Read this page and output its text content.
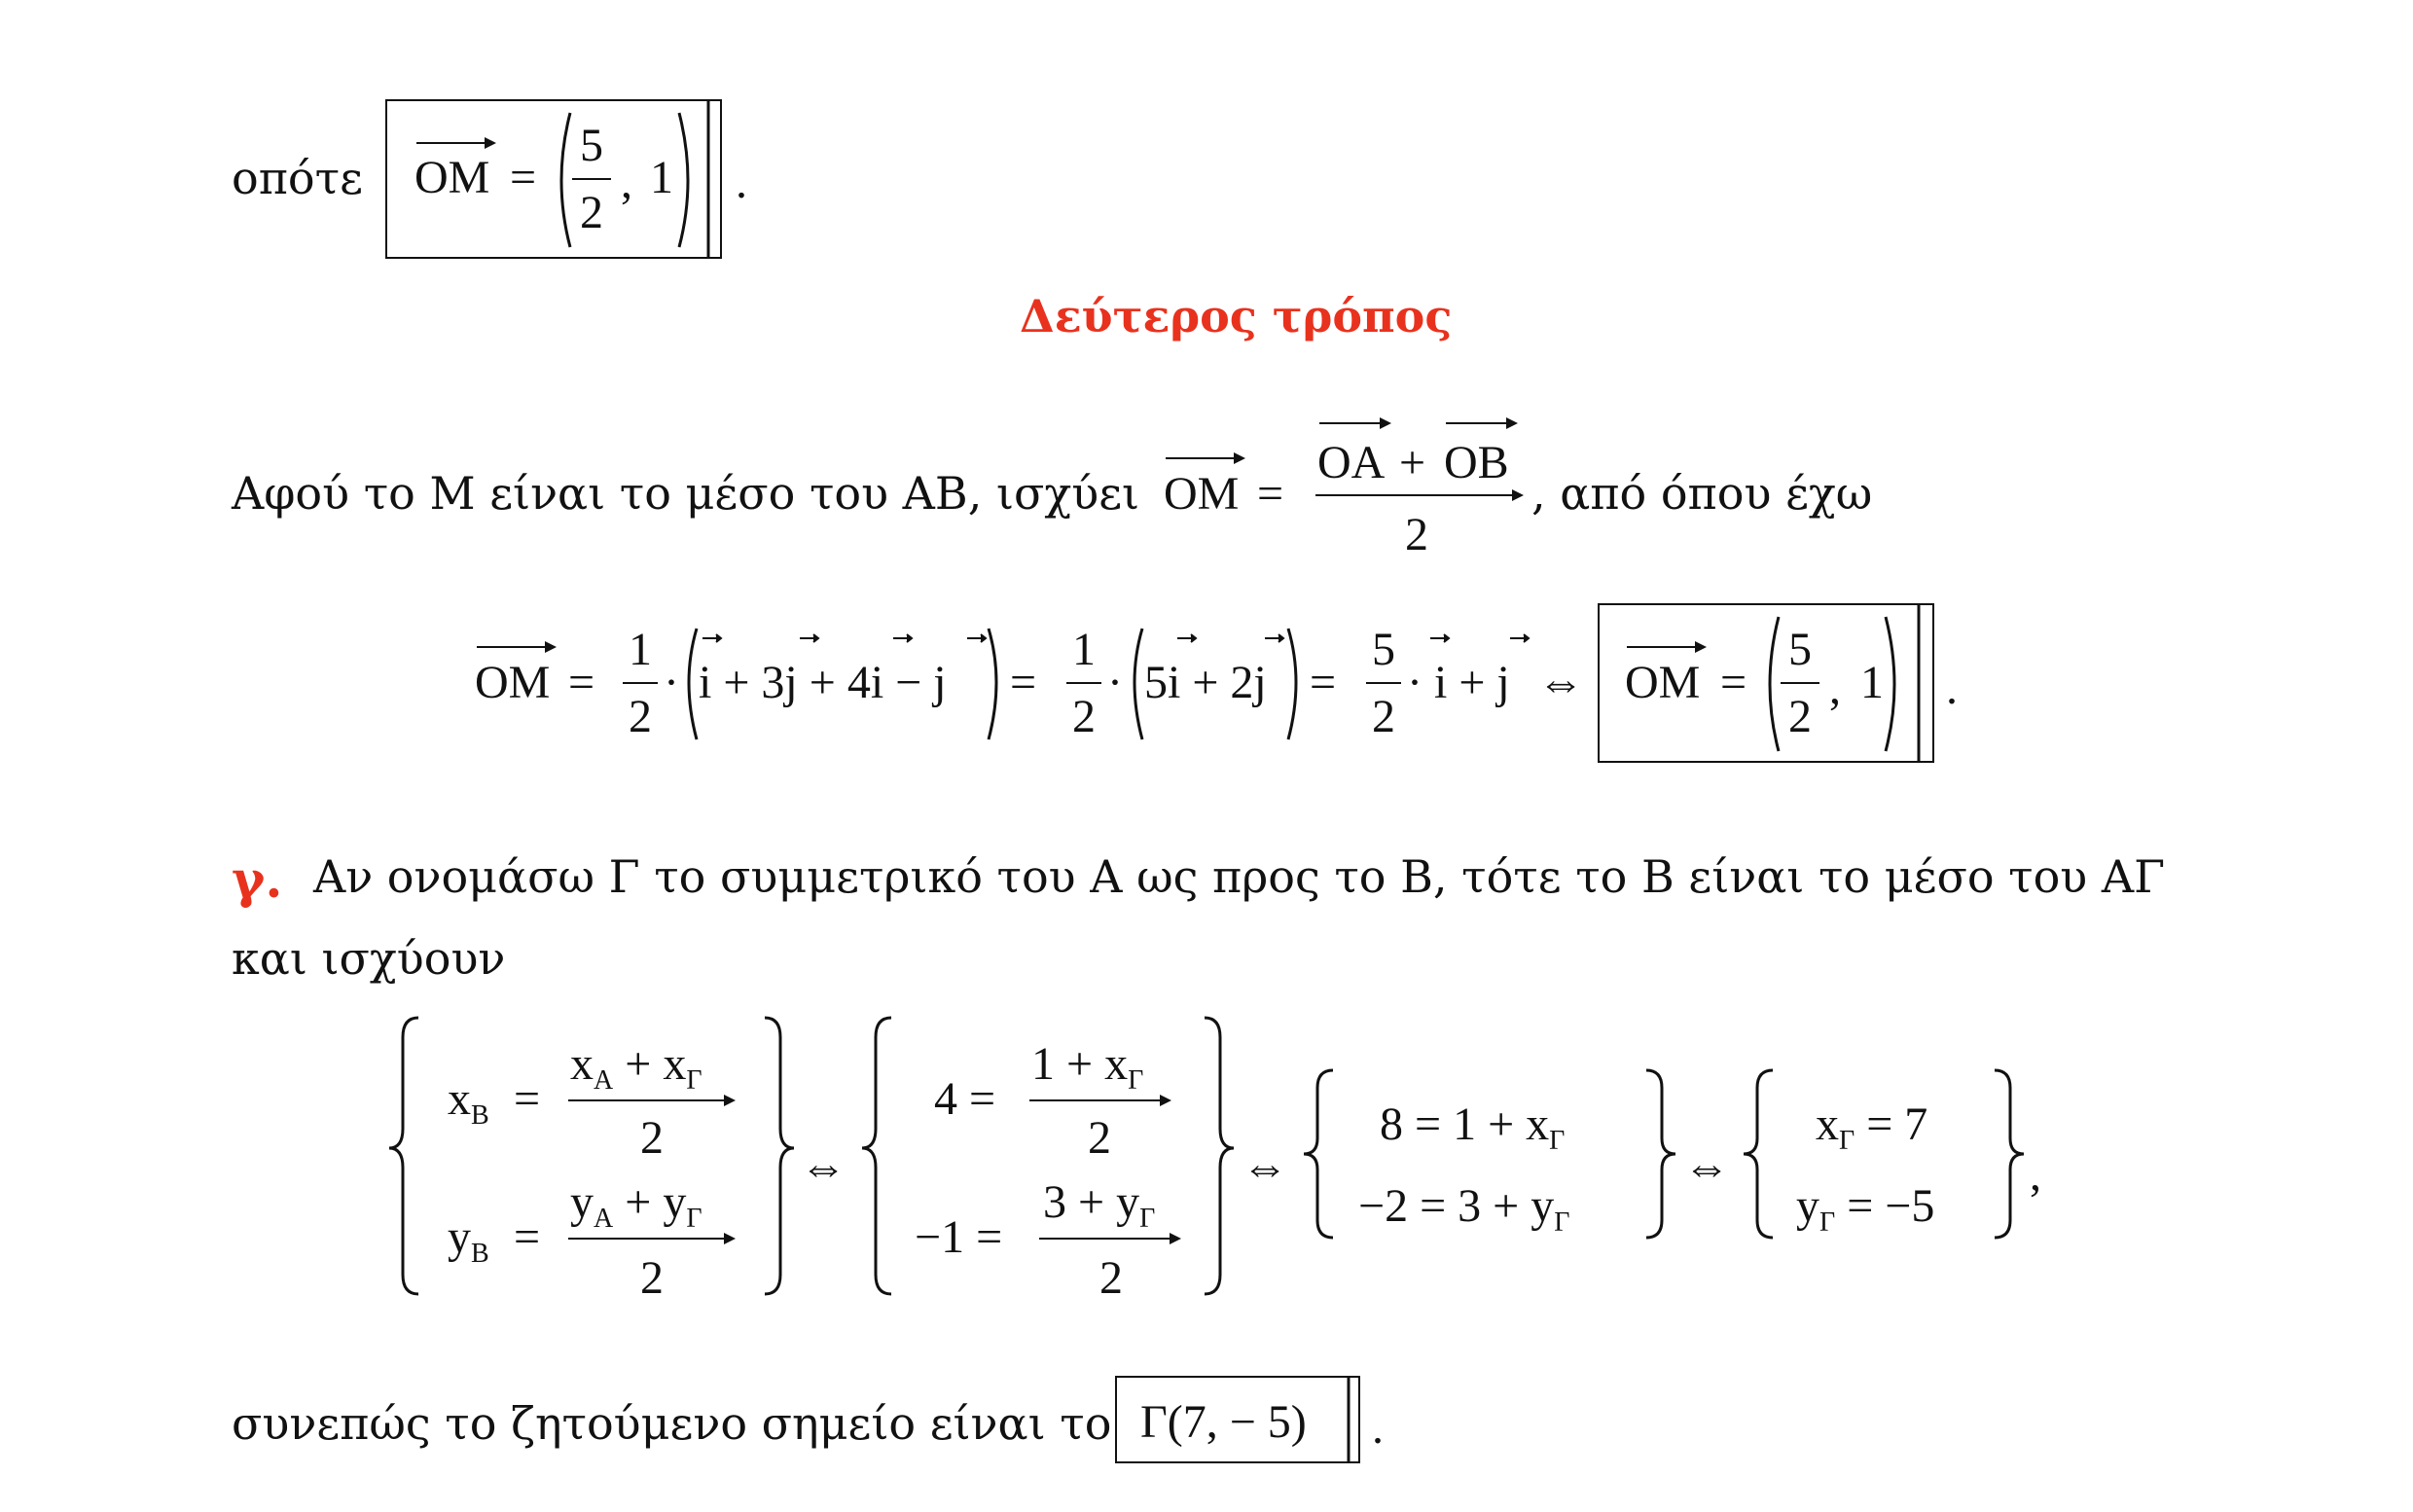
οπότε OM =
5
2
, 1 .
Δεύτερος τρόπος
Αφού το Μ είναι το μέσο του ΑΒ, ισχύει OM =
OA + OB
2
, από όπου έχω
OM =
1
2
· i + 3j + 4i − j =
1
2
· 5i + 2j =
5
2
· i + j ⇔ OM =
5
2
, 1 .
γ. Αν ονομάσω Γ το συμμετρικό του Α ως προς το Β, τότε το Β είναι το μέσο του ΑΓ
και ισχύουν
$x_B$ =
$x_A + x_\Gamma$
2
$y_B$ =
$y_A + y_\Gamma$
2
⇔
4 =
$1 + x_\Gamma$
2
−1 =
$3 + y_\Gamma$
2
⇔
$8 = 1 + x_\Gamma$
$-2 = 3 + y_\Gamma$
⇔
$x_\Gamma = 7$
$y_\Gamma = -5$
,
συνεπώς το ζητούμενο σημείο είναι το Γ(7, − 5) .
